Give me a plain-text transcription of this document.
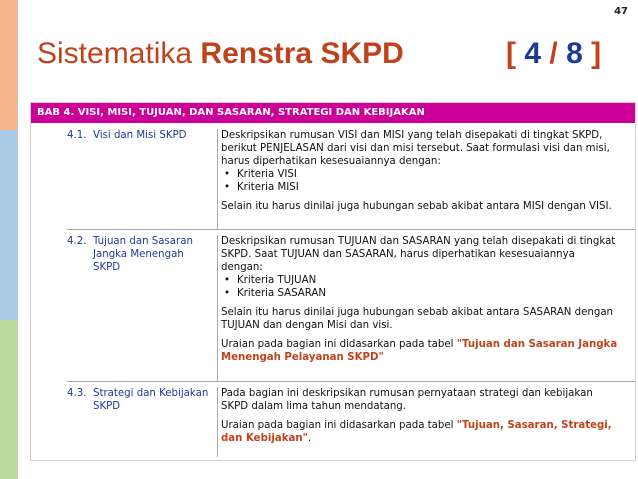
47
Sistematika Renstra SKPD	[ 4 / 8 ]
BAB 4. VISI, MISI, TUJUAN, DAN SASARAN, STRATEGI DAN KEBIJAKAN
4.1. Visi dan Misi SKPD	Deskripsikan rumusan VISI dan MISI yang telah disepakati di tingkat SKPD, berikut PENJELASAN dari visi dan misi tersebut. Saat formulasi visi dan misi, harus diperhatikan kesesuaiannya dengan:

• Kriteria VISI
• Kriteria MISI

Selain itu harus dinilai juga hubungan sebab akibat antara MISI dengan VISI.

4.2. Tujuan dan Sasaran Jangka Menengah SKPD

Deskripsikan rumusan TUJUAN dan SASARAN yang telah disepakati di tingkat SKPD. Saat TUJUAN dan SASARAN, harus diperhatikan kesesuaiannya dengan:

• Kriteria TUJUAN
• Kriteria SASARAN

Selain itu harus dinilai juga hubungan sebab akibat antara SASARAN dengan TUJUAN dan dengan Misi dan visi.

Uraian pada bagian ini didasarkan pada tabel "Tujuan dan Sasaran Jangka Menengah Pelayanan SKPD"

4.3. Strategi dan Kebijakan SKPD

Pada bagian ini deskripsikan rumusan pernyataan strategi dan kebijakan SKPD dalam lima tahun mendatang.

Uraian pada bagian ini didasarkan pada tabel "Tujuan, Sasaran, Strategi, dan Kebijakan".
